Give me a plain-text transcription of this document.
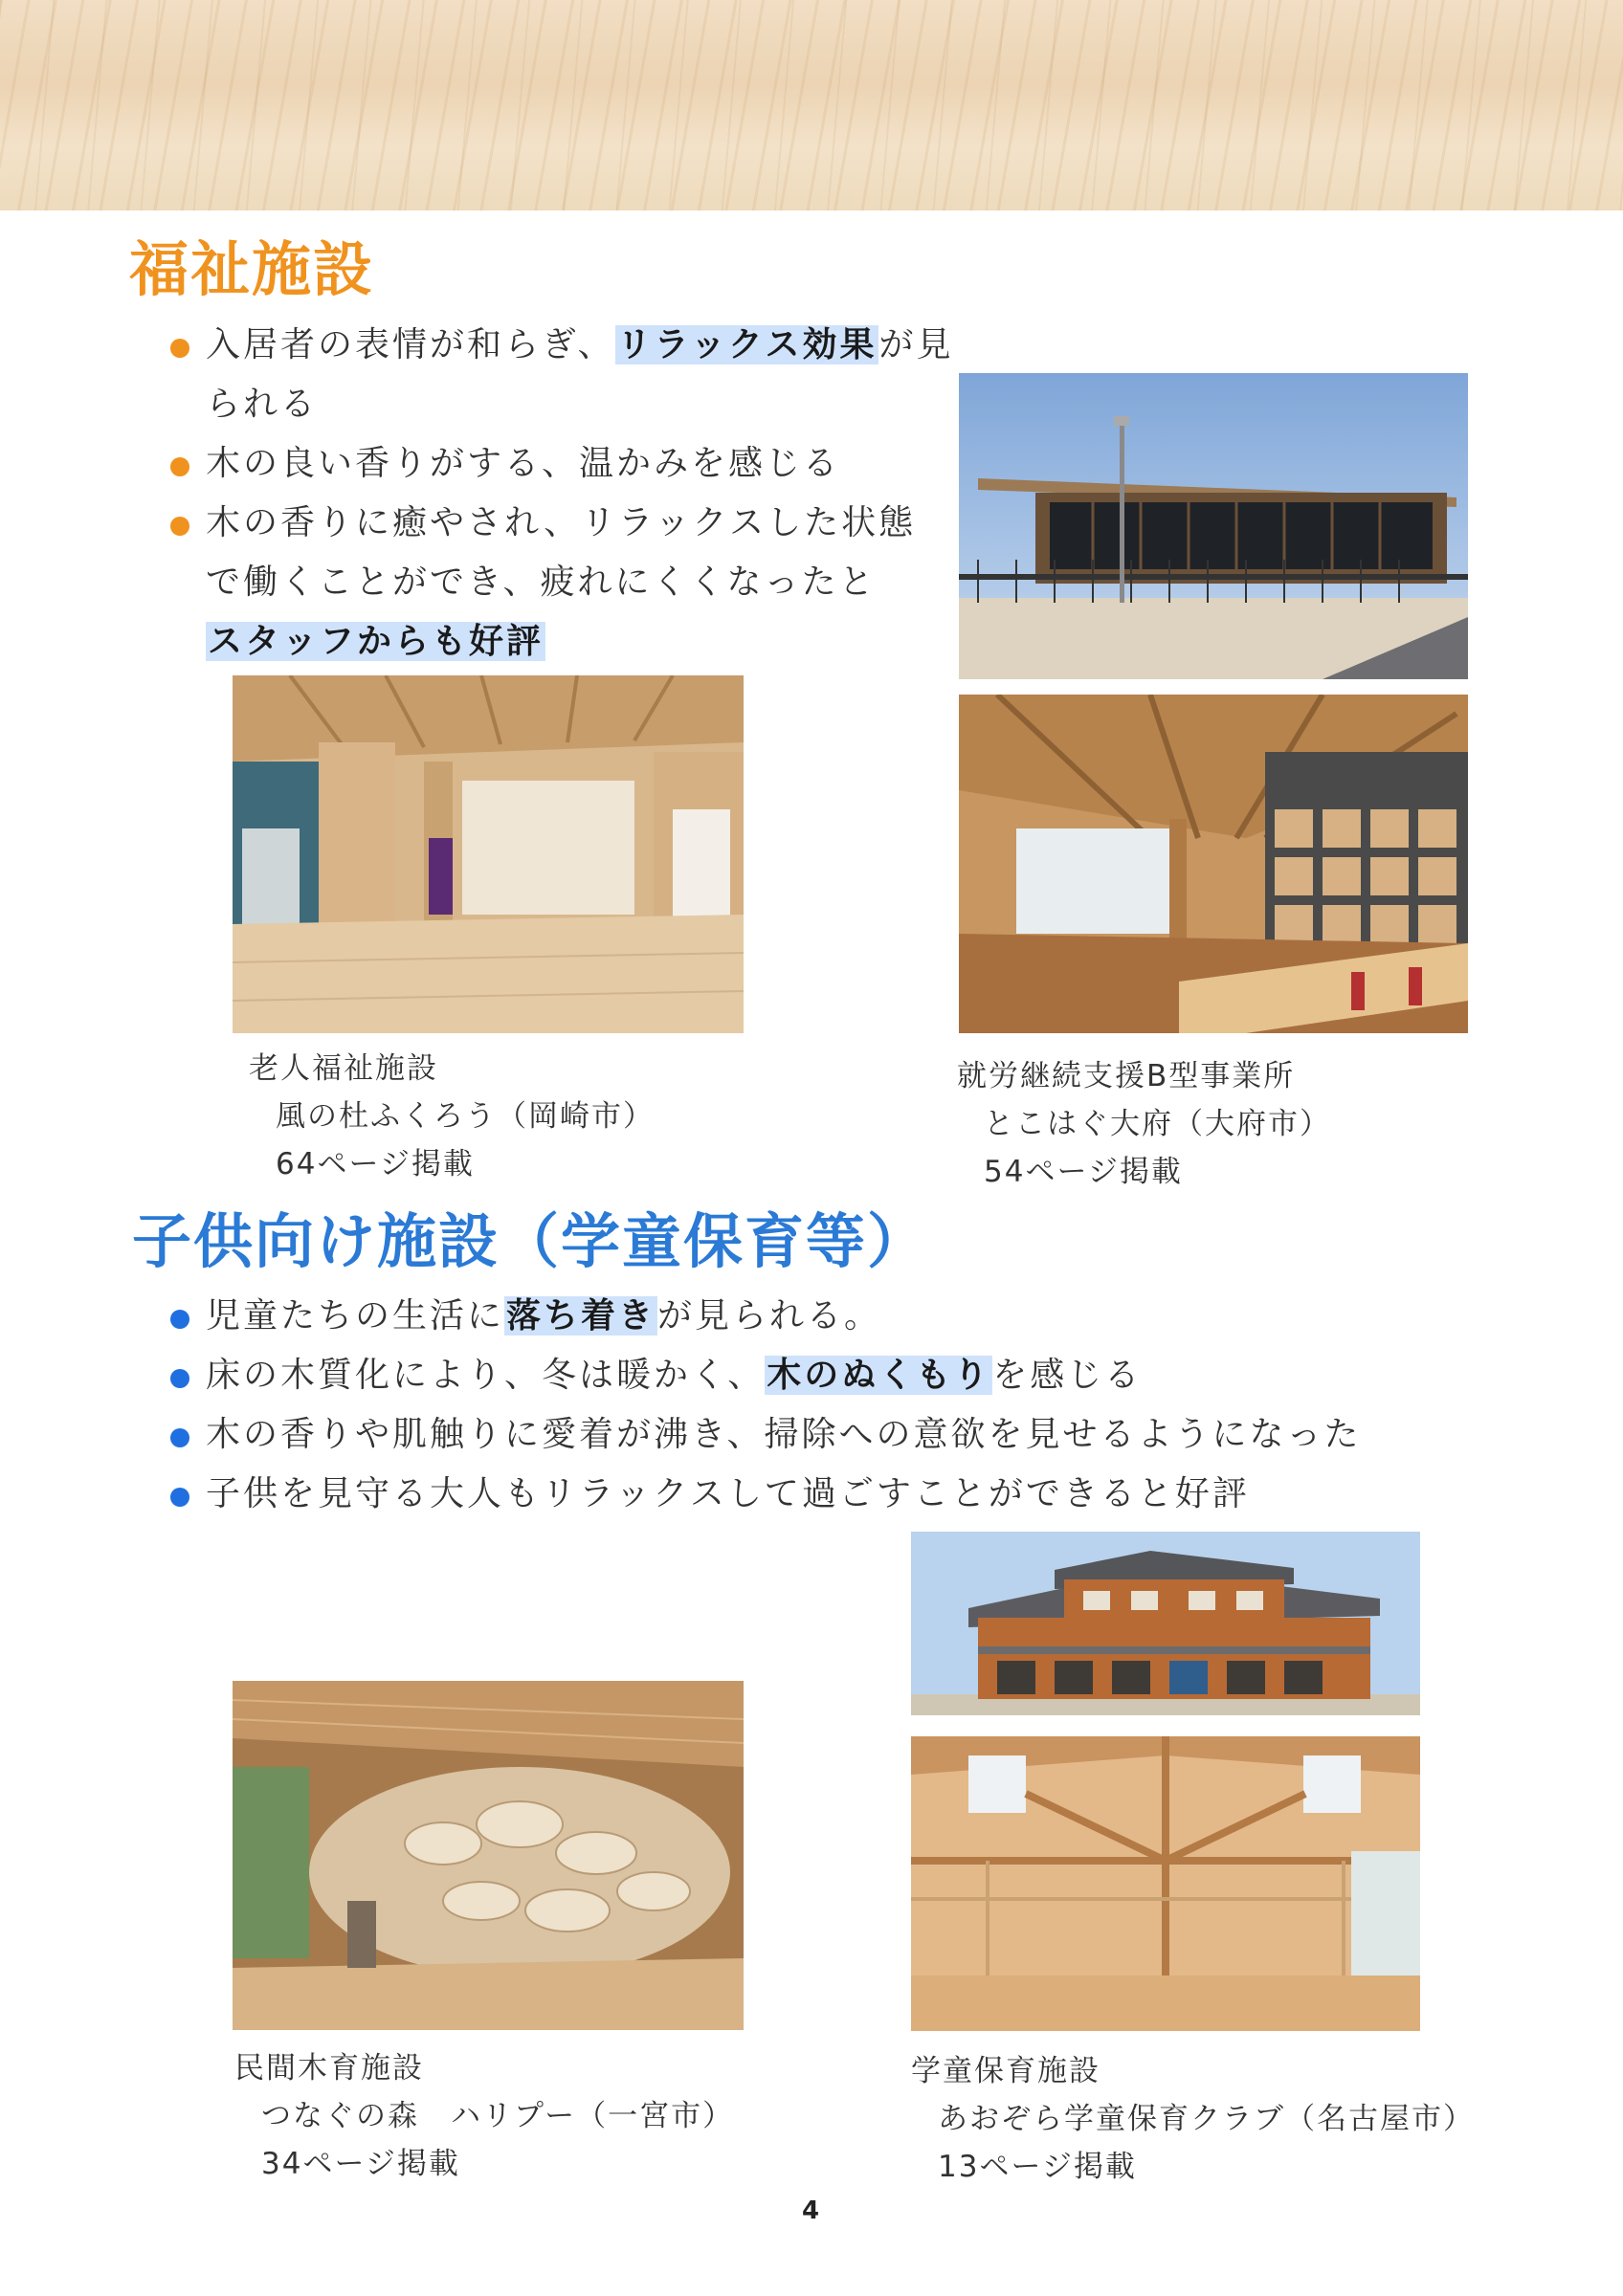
福祉施設
入居者の表情が和らぎ、リラックス効果が見られる
木の良い香りがする、温かみを感じる
木の香りに癒やされ、リラックスした状態
で働くことができ、疲れにくくなったと
スタッフからも好評
老人福祉施設
風の杜ふくろう（岡崎市）
64ページ掲載
就労継続支援B型事業所
とこはぐ大府（大府市）
54ページ掲載
子供向け施設（学童保育等）
児童たちの生活に落ち着きが見られる。
床の木質化により、冬は暖かく、木のぬくもりを感じる
木の香りや肌触りに愛着が沸き、掃除への意欲を見せるようになった
子供を見守る大人もリラックスして過ごすことができると好評
民間木育施設
つなぐの森　ハリプー（一宮市）
34ページ掲載
学童保育施設
あおぞら学童保育クラブ（名古屋市）
13ページ掲載
4
